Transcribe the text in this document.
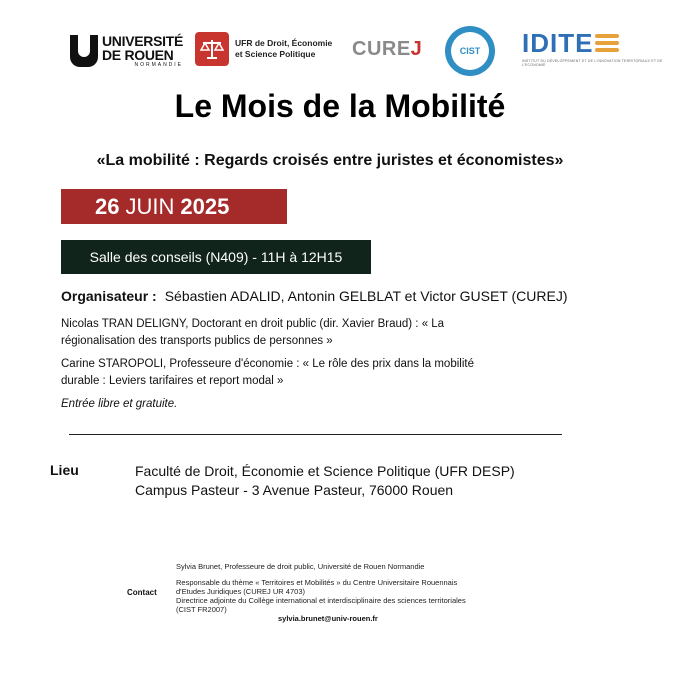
UNIVERSITÉ
DE ROUEN
NORMANDIE
UFR de Droit, Économie
et Science Politique	CURE J	CIST	IDITE
INSTITUT DU DÉVELOPPEMENT ET DE L'INNOVATION TERRITORIAUX ET DE L'ECONOMIE
Le Mois de la Mobilité
«La mobilité : Regards croisés entre juristes et économistes»
26 JUIN 2025
Salle des conseils (N409) - 11H à 12H15
Organisateur : Sébastien ADALID, Antonin GELBLAT et Victor GUSET (CUREJ)

Nicolas TRAN DELIGNY, Doctorant en droit public (dir. Xavier Braud) : « La régionalisation des transports publics de personnes »

Carine STAROPOLI, Professeure d'économie : « Le rôle des prix dans la mobilité durable : Leviers tarifaires et report modal »

Entrée libre et gratuite.

Lieu	Faculté de Droit, Économie et Science Politique (UFR DESP)
Campus Pasteur - 3 Avenue Pasteur, 76000 Rouen
Contact
Sylvia Brunet, Professeure de droit public, Université de Rouen Normandie
Responsable du thème « Territoires et Mobilités » du Centre Universitaire Rouennais d'Etudes Juridiques (CUREJ UR 4703)
Directrice adjointe du Collège international et interdisciplinaire des sciences territoriales (CIST FR2007)
sylvia.brunet@univ-rouen.fr
